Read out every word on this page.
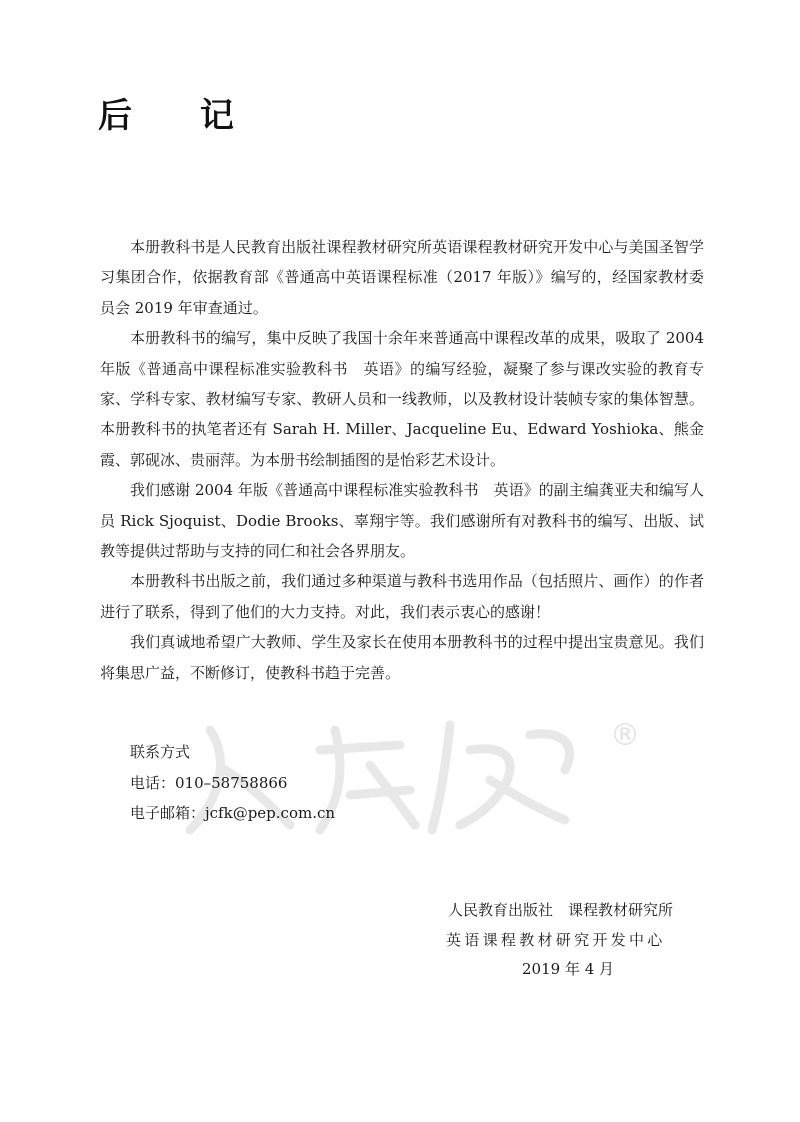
后 记
®

本册教科书是人民教育出版社课程教材研究所英语课程教材研究开发中心与美国圣智学习集团合作，依据教育部《普通高中英语课程标准（2017 年版）》编写的，经国家教材委员会 2019 年审查通过。

本册教科书的编写，集中反映了我国十余年来普通高中课程改革的成果，吸取了 2004年版《普通高中课程标准实验教科书　英语》的编写经验，凝聚了参与课改实验的教育专家、学科专家、教材编写专家、教研人员和一线教师，以及教材设计装帧专家的集体智慧。本册教科书的执笔者还有 Sarah H. Miller、Jacqueline Eu、Edward Yoshioka、熊金霞、郭砚冰、贵丽萍。为本册书绘制插图的是怡彩艺术设计。

我们感谢 2004 年版《普通高中课程标准实验教科书　英语》的副主编龚亚夫和编写人员 Rick Sjoquist、Dodie Brooks、辜翔宇等。我们感谢所有对教科书的编写、出版、试教等提供过帮助与支持的同仁和社会各界朋友。

本册教科书出版之前，我们通过多种渠道与教科书选用作品（包括照片、画作）的作者进行了联系，得到了他们的大力支持。对此，我们表示衷心的感谢！

我们真诚地希望广大教师、学生及家长在使用本册教科书的过程中提出宝贵意见。我们将集思广益，不断修订，使教科书趋于完善。

联系方式
电话：010–58758866
电子邮箱：jcfk@pep.com.cn
人民教育出版社　课程教材研究所
英语课程教材研究开发中心
2019 年 4 月
